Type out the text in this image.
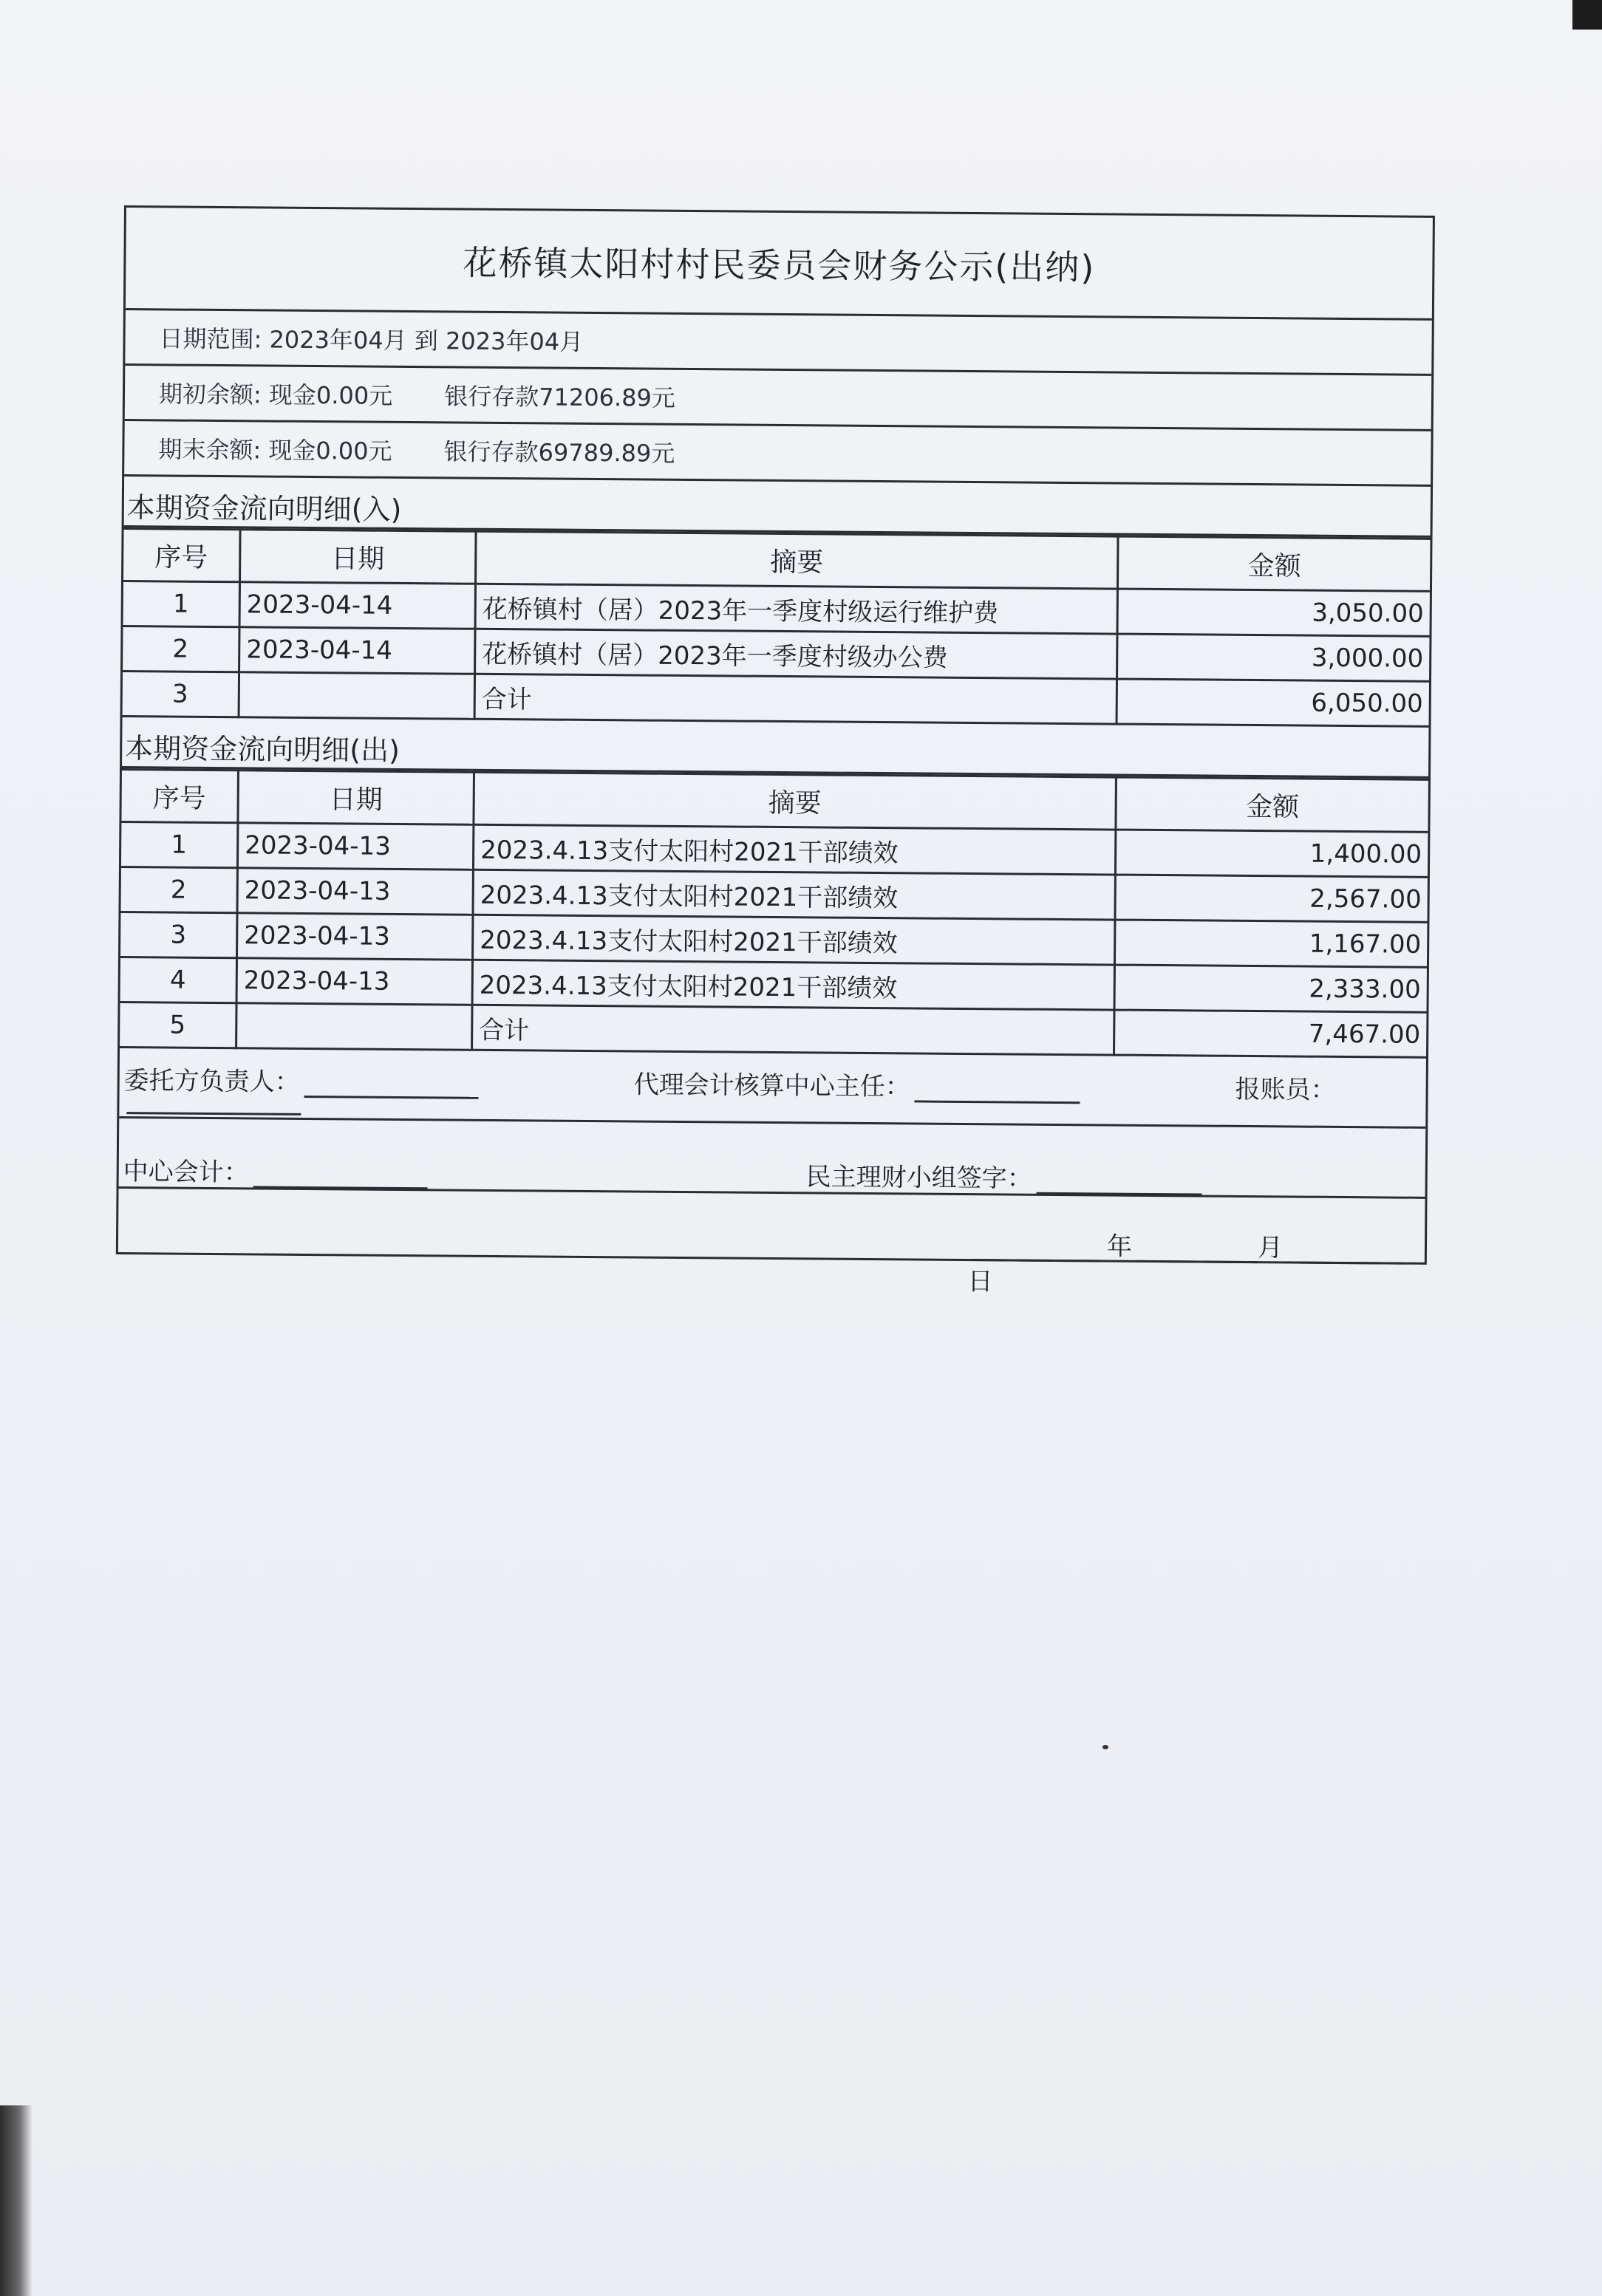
花桥镇太阳村村民委员会财务公示(出纳)
日期范围: 2023年04月 到 2023年04月
期初余额: 现金0.00元 银行存款71206.89元
期末余额: 现金0.00元 银行存款69789.89元
本期资金流向明细(入)
序号	日期	摘要	金额
1	2023-04-14	花桥镇村（居）2023年一季度村级运行维护费	3,050.00
2	2023-04-14	花桥镇村（居）2023年一季度村级办公费	3,000.00
3		合计	6,050.00
本期资金流向明细(出)
序号	日期	摘要	金额
1	2023-04-13	2023.4.13支付太阳村2021干部绩效	1,400.00
2	2023-04-13	2023.4.13支付太阳村2021干部绩效	2,567.00
3	2023-04-13	2023.4.13支付太阳村2021干部绩效	1,167.00
4	2023-04-13	2023.4.13支付太阳村2021干部绩效	2,333.00
5		合计	7,467.00
委托方负责人：	代理会计核算中心主任：	报账员：
中心会计：	民主理财小组签字：
年	月日
